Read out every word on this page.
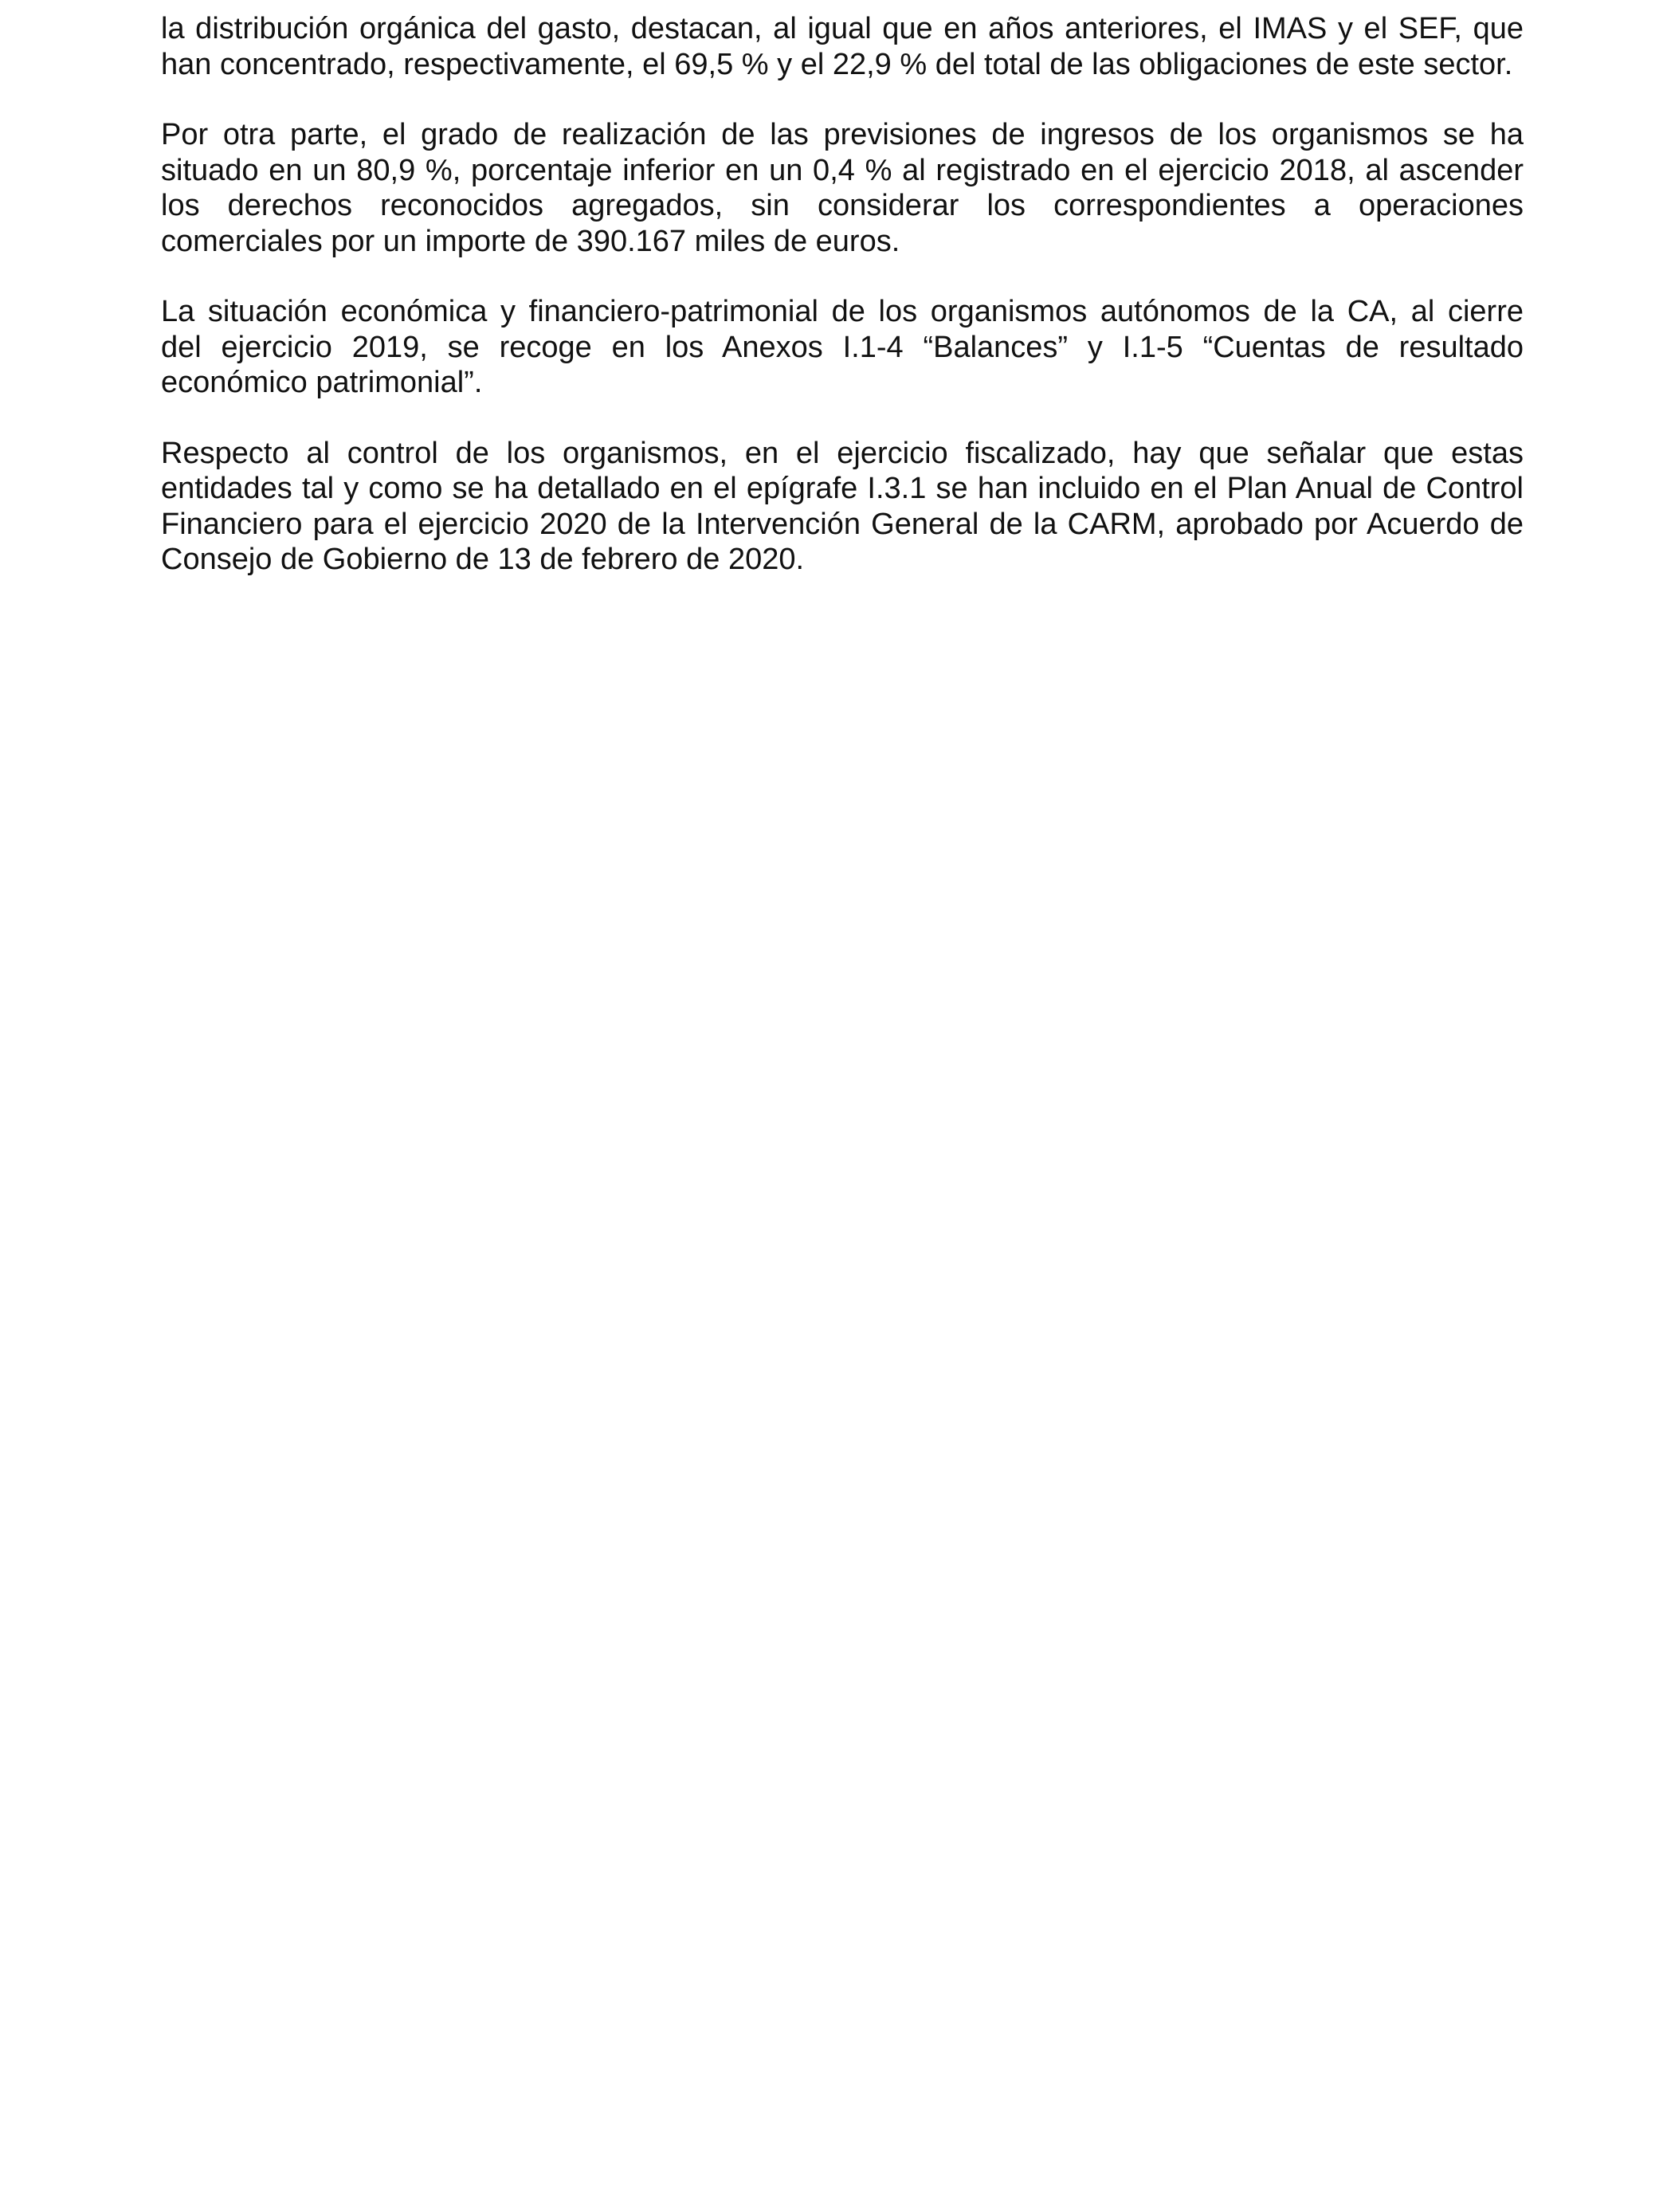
la distribución orgánica del gasto, destacan, al igual que en años anteriores, el IMAS y el SEF, que
han concentrado, respectivamente, el 69,5 % y el 22,9 % del total de las obligaciones de este sector.

Por otra parte, el grado de realización de las previsiones de ingresos de los organismos se ha
situado en un 80,9 %, porcentaje inferior en un 0,4 % al registrado en el ejercicio 2018, al ascender
los derechos reconocidos agregados, sin considerar los correspondientes a operaciones
comerciales por un importe de 390.167 miles de euros.

La situación económica y financiero-patrimonial de los organismos autónomos de la CA, al cierre
del ejercicio 2019, se recoge en los Anexos I.1-4 “Balances” y I.1-5 “Cuentas de resultado
económico patrimonial”.

Respecto al control de los organismos, en el ejercicio fiscalizado, hay que señalar que estas
entidades tal y como se ha detallado en el epígrafe I.3.1 se han incluido en el Plan Anual de Control
Financiero para el ejercicio 2020 de la Intervención General de la CARM, aprobado por Acuerdo de
Consejo de Gobierno de 13 de febrero de 2020.
